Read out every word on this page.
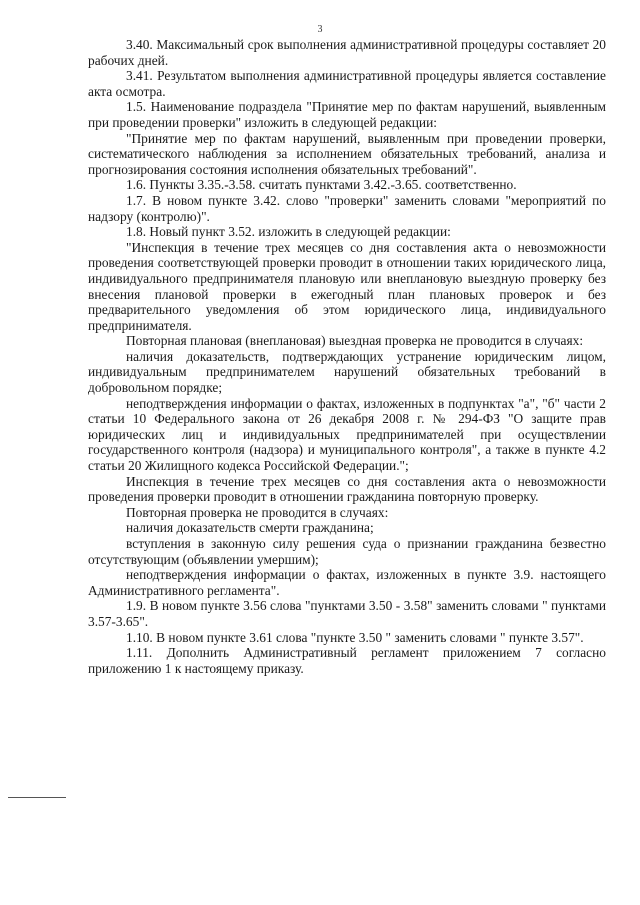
3

3.40. Максимальный срок выполнения административной процедуры составляет 20 рабочих дней.

3.41. Результатом выполнения административной процедуры является составление акта осмотра.

1.5. Наименование подраздела "Принятие мер по фактам нарушений, выявленным при проведении проверки" изложить в следующей редакции:

"Принятие мер по фактам нарушений, выявленным при проведении проверки, систематического наблюдения за исполнением обязательных требований, анализа и прогнозирования состояния исполнения обязательных требований".

1.6. Пункты 3.35.-3.58. считать пунктами 3.42.-3.65. соответственно.

1.7. В новом пункте 3.42. слово "проверки" заменить словами "мероприятий по надзору (контролю)".

1.8. Новый пункт 3.52. изложить в следующей редакции:

"Инспекция в течение трех месяцев со дня составления акта о невозможности проведения соответствующей проверки проводит в отношении таких юридического лица, индивидуального предпринимателя плановую или внеплановую выездную проверку без внесения плановой проверки в ежегодный план плановых проверок и без предварительного уведомления об этом юридического лица, индивидуального предпринимателя.

Повторная плановая (внеплановая) выездная проверка не проводится в случаях:

наличия доказательств, подтверждающих устранение юридическим лицом, индивидуальным предпринимателем нарушений обязательных требований в добровольном порядке;

неподтверждения информации о фактах, изложенных в подпунктах "а", "б" части 2 статьи 10 Федерального закона от 26 декабря 2008 г. № 294-ФЗ "О защите прав юридических лиц и индивидуальных предпринимателей при осуществлении государственного контроля (надзора) и муниципального контроля", а также в пункте 4.2 статьи 20 Жилищного кодекса Российской Федерации.";

Инспекция в течение трех месяцев со дня составления акта о невозможности проведения проверки проводит в отношении гражданина повторную проверку.

Повторная проверка не проводится в случаях:

наличия доказательств смерти гражданина;

вступления в законную силу решения суда о признании гражданина безвестно отсутствующим (объявлении умершим);

неподтверждения информации о фактах, изложенных в пункте 3.9. настоящего Административного регламента".

1.9. В новом пункте 3.56 слова "пунктами 3.50 - 3.58" заменить словами " пунктами 3.57-3.65".

1.10. В новом пункте 3.61 слова "пункте 3.50 " заменить словами " пункте 3.57".

1.11. Дополнить Административный регламент приложением 7 согласно приложению 1 к настоящему приказу.
